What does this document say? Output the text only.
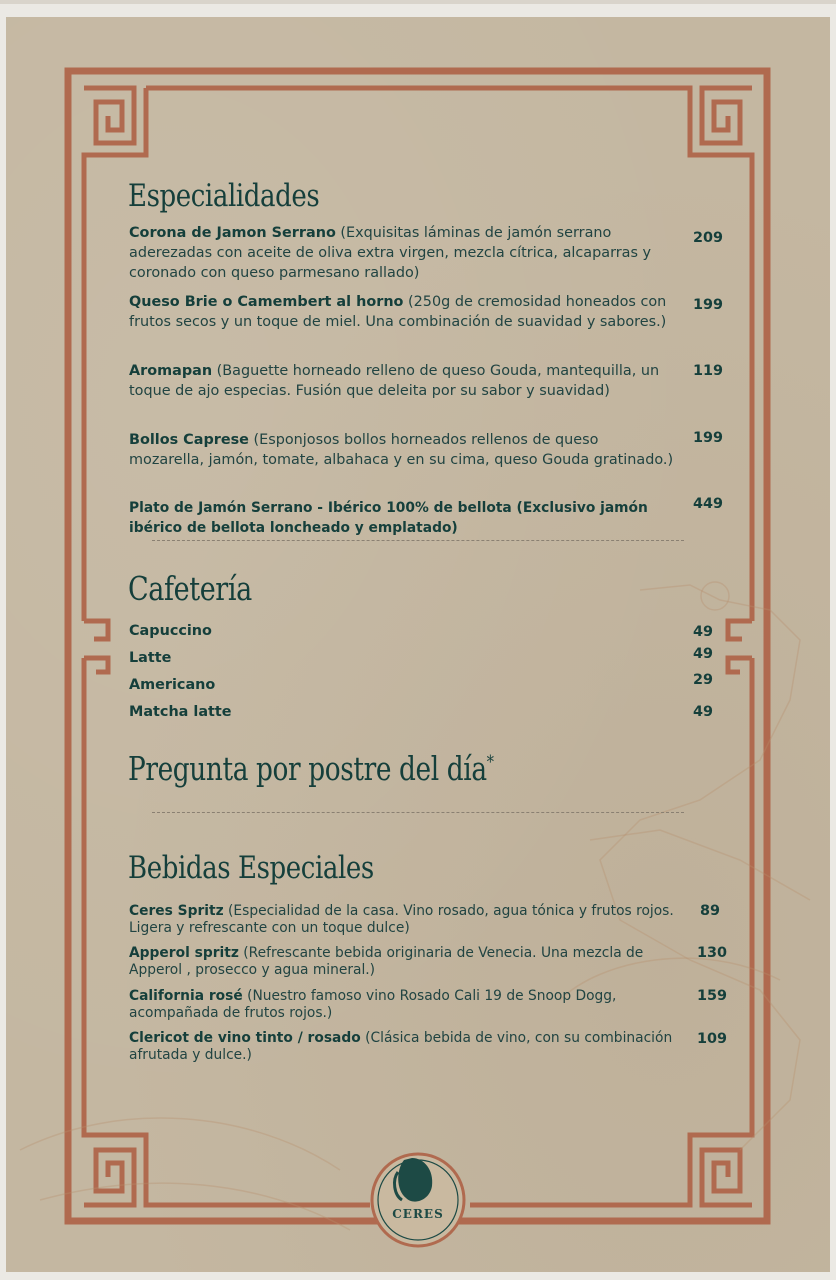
CERES
Especialidades
Corona de Jamon Serrano (Exquisitas láminas de jamón serrano aderezadas con aceite de oliva extra virgen, mezcla cítrica, alcaparras y coronado con queso parmesano rallado)
209
Queso Brie o Camembert al horno (250g de cremosidad honeados con frutos secos y un toque de miel. Una combinación de suavidad y sabores.)
199
Aromapan (Baguette horneado relleno de queso Gouda, mantequilla, un toque de ajo especias. Fusión que deleita por su sabor y suavidad)
119
Bollos Caprese (Esponjosos bollos horneados rellenos de queso mozarella, jamón, tomate, albahaca y en su cima, queso Gouda gratinado.)
199
Plato de Jamón Serrano - Ibérico 100% de bellota (Exclusivo jamón ibérico de bellota loncheado y emplatado)
449
Cafetería
Capuccino	49
Latte	49
Americano	29
Matcha latte	49
Pregunta por postre del día*
Bebidas Especiales
Ceres Spritz (Especialidad de la casa. Vino rosado, agua tónica y frutos rojos. Ligera y refrescante con un toque dulce)
89
Apperol spritz (Refrescante bebida originaria de Venecia. Una mezcla de Apperol , prosecco y agua mineral.)
130
California rosé (Nuestro famoso vino Rosado Cali 19 de Snoop Dogg, acompañada de frutos rojos.)
159
Clericot de vino tinto / rosado (Clásica bebida de vino, con su combinación afrutada y dulce.)
109
